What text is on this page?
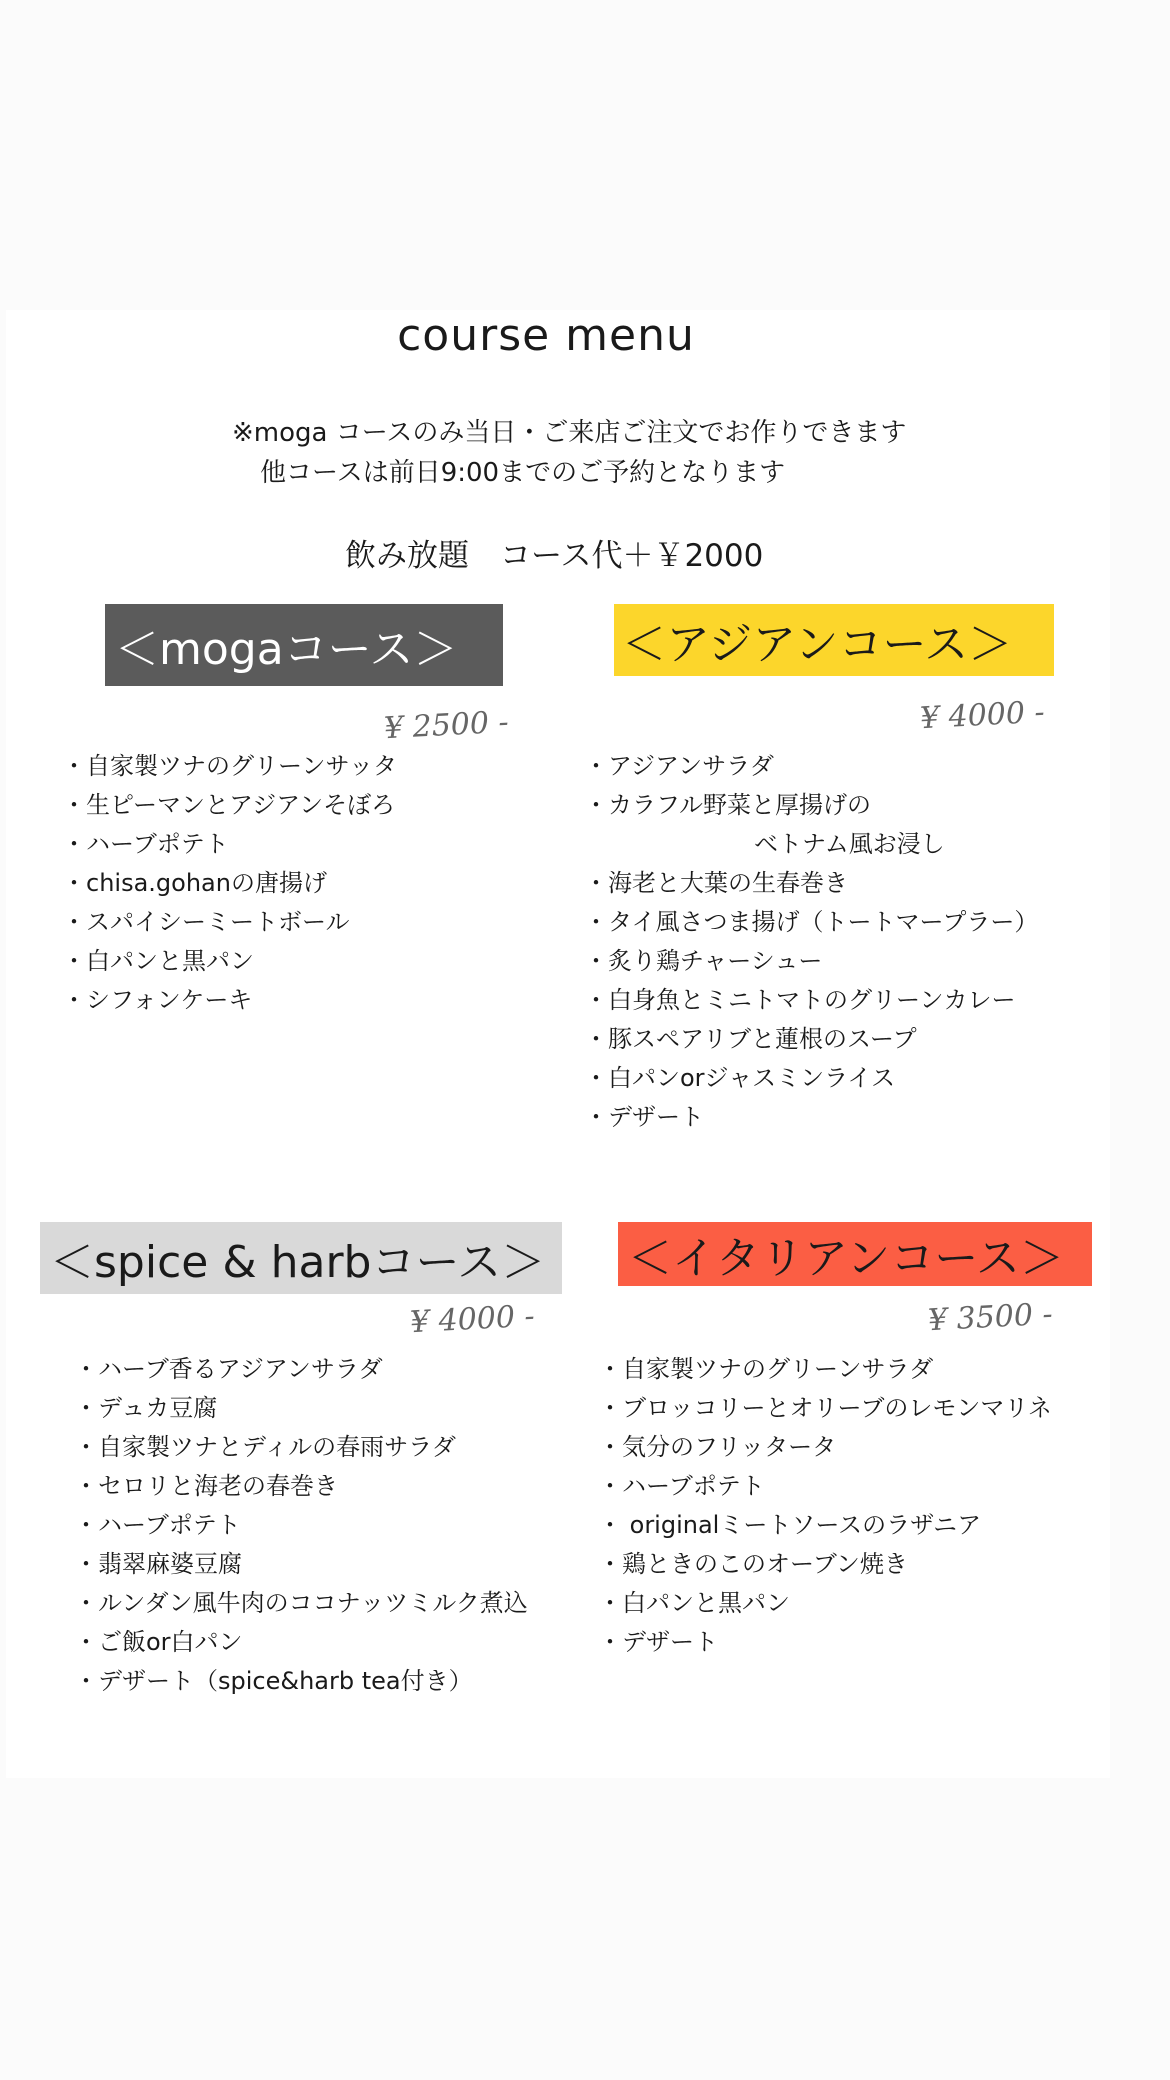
course menu
※moga コースのみ当日・ご来店ご注文でお作りできます
他コースは前日9:00までのご予約となります
飲み放題　コース代＋￥2000
＜mogaコース＞
¥ 2500 -
・自家製ツナのグリーンサッタ
・生ピーマンとアジアンそぼろ
・ハーブポテト
・chisa.gohanの唐揚げ
・スパイシーミートボール
・白パンと黒パン
・シフォンケーキ
＜アジアンコース＞
¥ 4000 -
・アジアンサラダ
・カラフル野菜と厚揚げの
ベトナム風お浸し
・海老と大葉の生春巻き
・タイ風さつま揚げ（トートマープラー）
・炙り鶏チャーシュー
・白身魚とミニトマトのグリーンカレー
・豚スペアリブと蓮根のスープ
・白パンorジャスミンライス
・デザート
＜spice & harbコース＞
¥ 4000 -
・ハーブ香るアジアンサラダ
・デュカ豆腐
・自家製ツナとディルの春雨サラダ
・セロリと海老の春巻き
・ハーブポテト
・翡翠麻婆豆腐
・ルンダン風牛肉のココナッツミルク煮込
・ご飯or白パン
・デザート（spice&harb tea付き）
＜イタリアンコース＞
¥ 3500 -
・自家製ツナのグリーンサラダ
・ブロッコリーとオリーブのレモンマリネ
・気分のフリッタータ
・ハーブポテト
・ originalミートソースのラザニア
・鶏ときのこのオーブン焼き
・白パンと黒パン
・デザート
